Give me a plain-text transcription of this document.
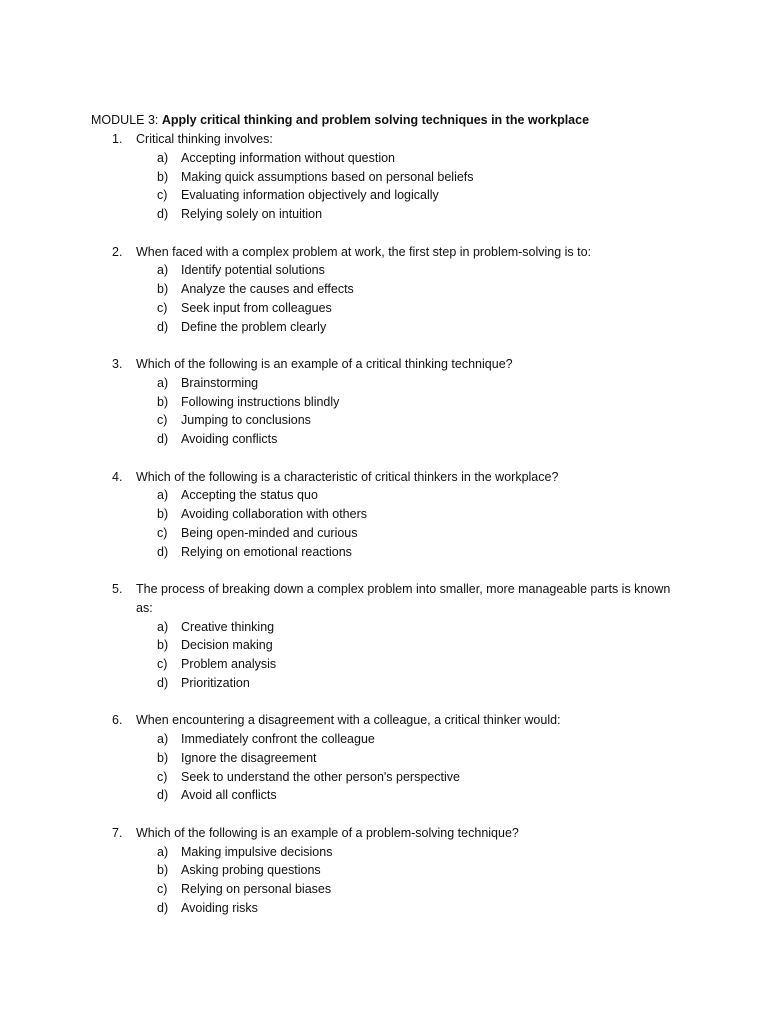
MODULE 3: Apply critical thinking and problem solving techniques in the workplace
1.	Critical thinking involves:
a) Accepting information without question
b) Making quick assumptions based on personal beliefs
c) Evaluating information objectively and logically
d) Relying solely on intuition
2.	When faced with a complex problem at work, the first step in problem-solving is to:
a) Identify potential solutions
b) Analyze the causes and effects
c) Seek input from colleagues
d) Define the problem clearly
3.	Which of the following is an example of a critical thinking technique?
a) Brainstorming
b) Following instructions blindly
c) Jumping to conclusions
d) Avoiding conflicts
4.	Which of the following is a characteristic of critical thinkers in the workplace?
a) Accepting the status quo
b) Avoiding collaboration with others
c) Being open-minded and curious
d) Relying on emotional reactions
5.	The process of breaking down a complex problem into smaller, more manageable parts is known as:
a) Creative thinking
b) Decision making
c) Problem analysis
d) Prioritization
6.	When encountering a disagreement with a colleague, a critical thinker would:
a) Immediately confront the colleague
b) Ignore the disagreement
c) Seek to understand the other person's perspective
d) Avoid all conflicts
7.	Which of the following is an example of a problem-solving technique?
a) Making impulsive decisions
b) Asking probing questions
c) Relying on personal biases
d) Avoiding risks
